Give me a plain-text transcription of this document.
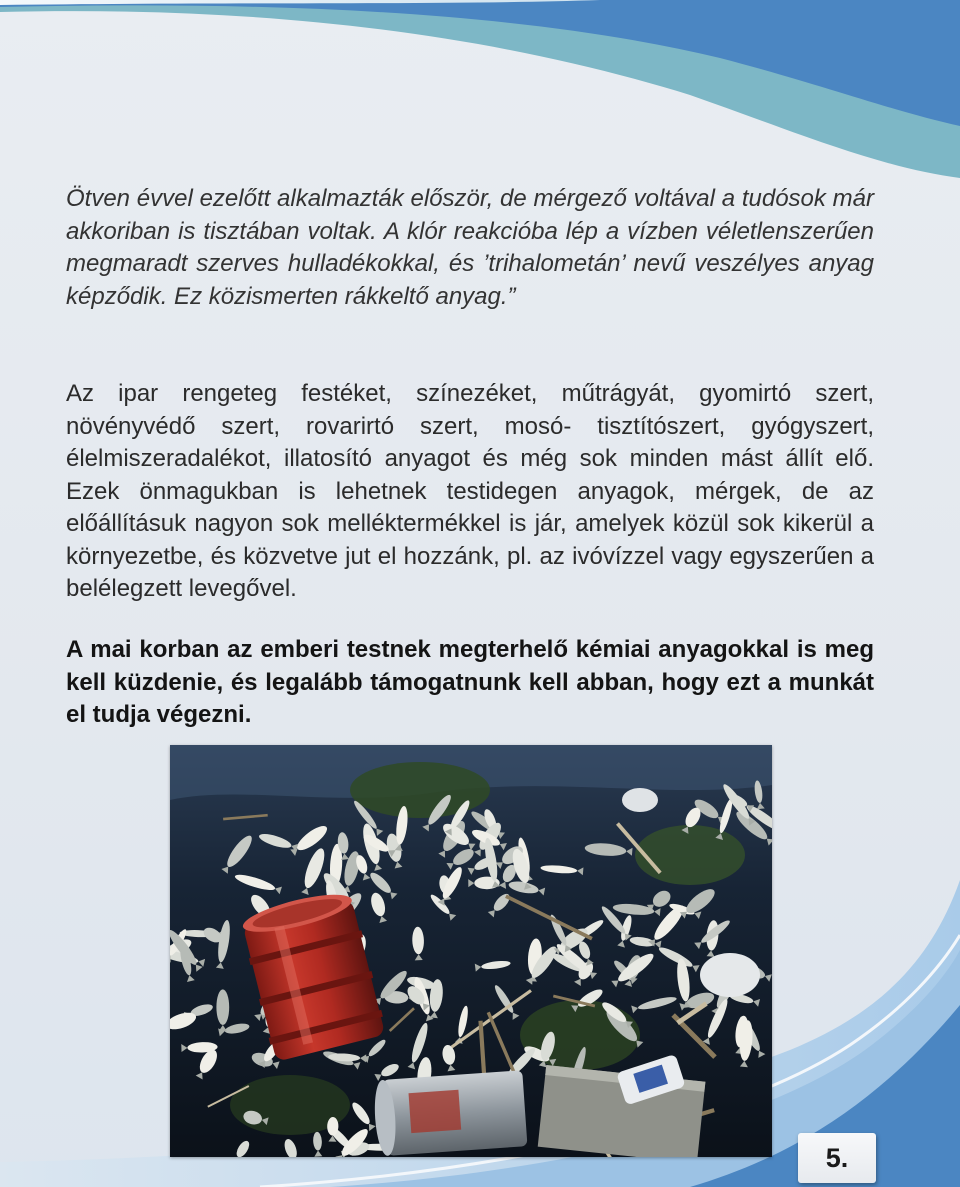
Ötven évvel ezelőtt alkalmazták először, de mérgező voltával a tudósok már akkoriban is tisztában voltak. A klór reakcióba lép a vízben véletlenszerűen megmaradt szerves hulladékokkal, és ’trihalometán’ nevű veszélyes anyag képződik. Ez közismerten rákkeltő anyag.”

Az ipar rengeteg festéket, színezéket, műtrágyát, gyomirtó szert, növényvédő szert, rovarirtó szert, mosó- tisztítószert, gyógyszert, élelmiszeradalékot, illatosító anyagot és még sok minden mást állít elő. Ezek önmagukban is lehetnek testidegen anyagok, mérgek, de az előállításuk nagyon sok melléktermékkel is jár, amelyek közül sok kikerül a környezetbe, és közvetve jut el hozzánk, pl. az ivóvízzel vagy egyszerűen a belélegzett levegővel.

A mai korban az emberi testnek megterhelő kémiai anyagokkal is meg kell küzdenie, és legalább támogatnunk kell abban, hogy ezt a munkát el tudja végezni.

5.
